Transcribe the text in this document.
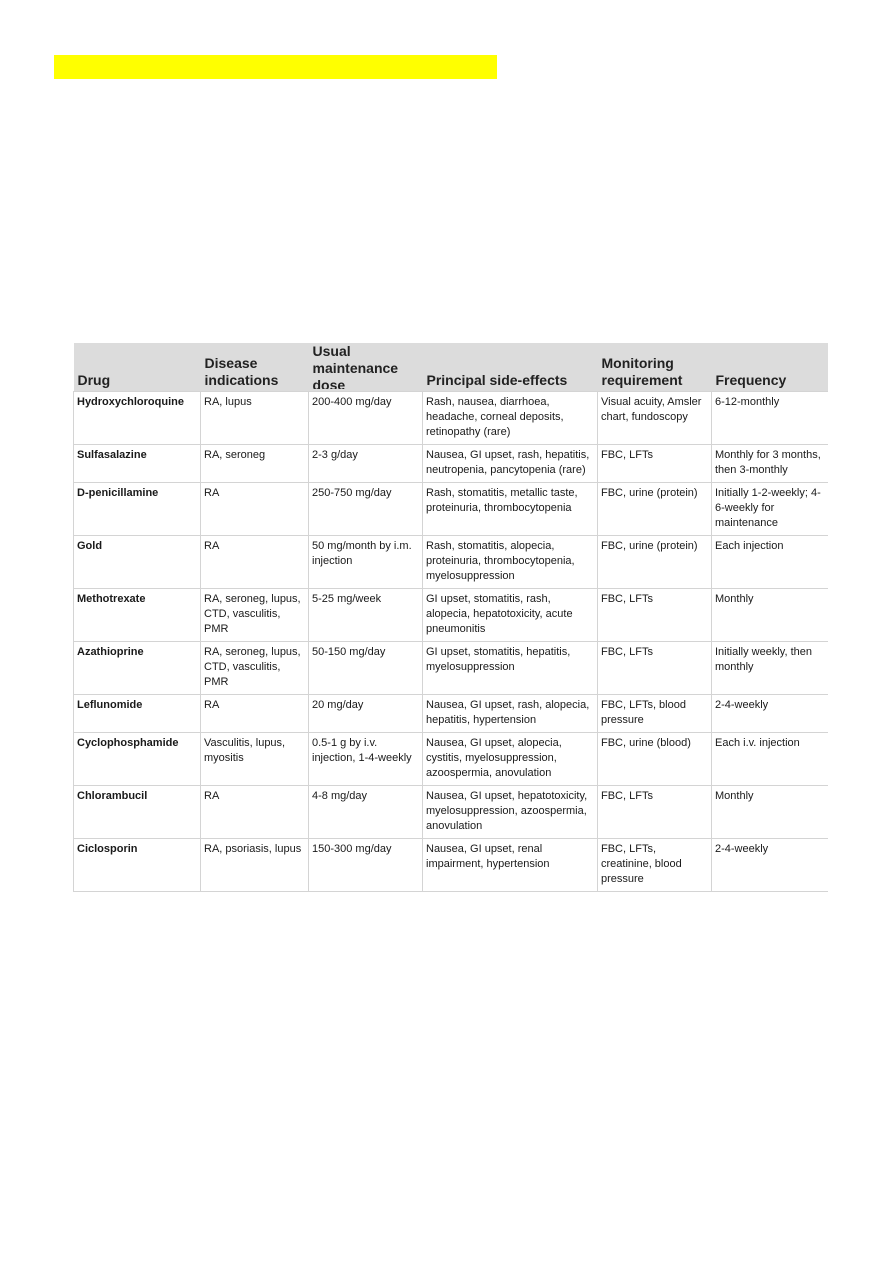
Drug	Disease indications	Usual maintenance dose	Principal side-effects	Monitoring requirement	Frequency

Hydroxychloroquine	RA, lupus	200-400 mg/day	Rash, nausea, diarrhoea, headache, corneal deposits, retinopathy (rare)	Visual acuity, Amsler chart, fundoscopy	6-12-monthly
Sulfasalazine	RA, seroneg	2-3 g/day	Nausea, GI upset, rash, hepatitis, neutropenia, pancytopenia (rare)	FBC, LFTs	Monthly for 3 months, then 3-monthly
D-penicillamine	RA	250-750 mg/day	Rash, stomatitis, metallic taste, proteinuria, thrombocytopenia	FBC, urine (protein)	Initially 1-2-weekly; 4-6-weekly for maintenance
Gold	RA	50 mg/month by i.m. injection	Rash, stomatitis, alopecia, proteinuria, thrombocytopenia, myelosuppression	FBC, urine (protein)	Each injection
Methotrexate	RA, seroneg, lupus, CTD, vasculitis, PMR	5-25 mg/week	GI upset, stomatitis, rash, alopecia, hepatotoxicity, acute pneumonitis	FBC, LFTs	Monthly
Azathioprine	RA, seroneg, lupus, CTD, vasculitis, PMR	50-150 mg/day	GI upset, stomatitis, hepatitis, myelosuppression	FBC, LFTs	Initially weekly, then monthly
Leflunomide	RA	20 mg/day	Nausea, GI upset, rash, alopecia, hepatitis, hypertension	FBC, LFTs, blood pressure	2-4-weekly
Cyclophosphamide	Vasculitis, lupus, myositis	0.5-1 g by i.v. injection, 1-4-weekly	Nausea, GI upset, alopecia, cystitis, myelosuppression, azoospermia, anovulation	FBC, urine (blood)	Each i.v. injection
Chlorambucil	RA	4-8 mg/day	Nausea, GI upset, hepatotoxicity, myelosuppression, azoospermia, anovulation	FBC, LFTs	Monthly
Ciclosporin	RA, psoriasis, lupus	150-300 mg/day	Nausea, GI upset, renal impairment, hypertension	FBC, LFTs, creatinine, blood pressure	2-4-weekly
